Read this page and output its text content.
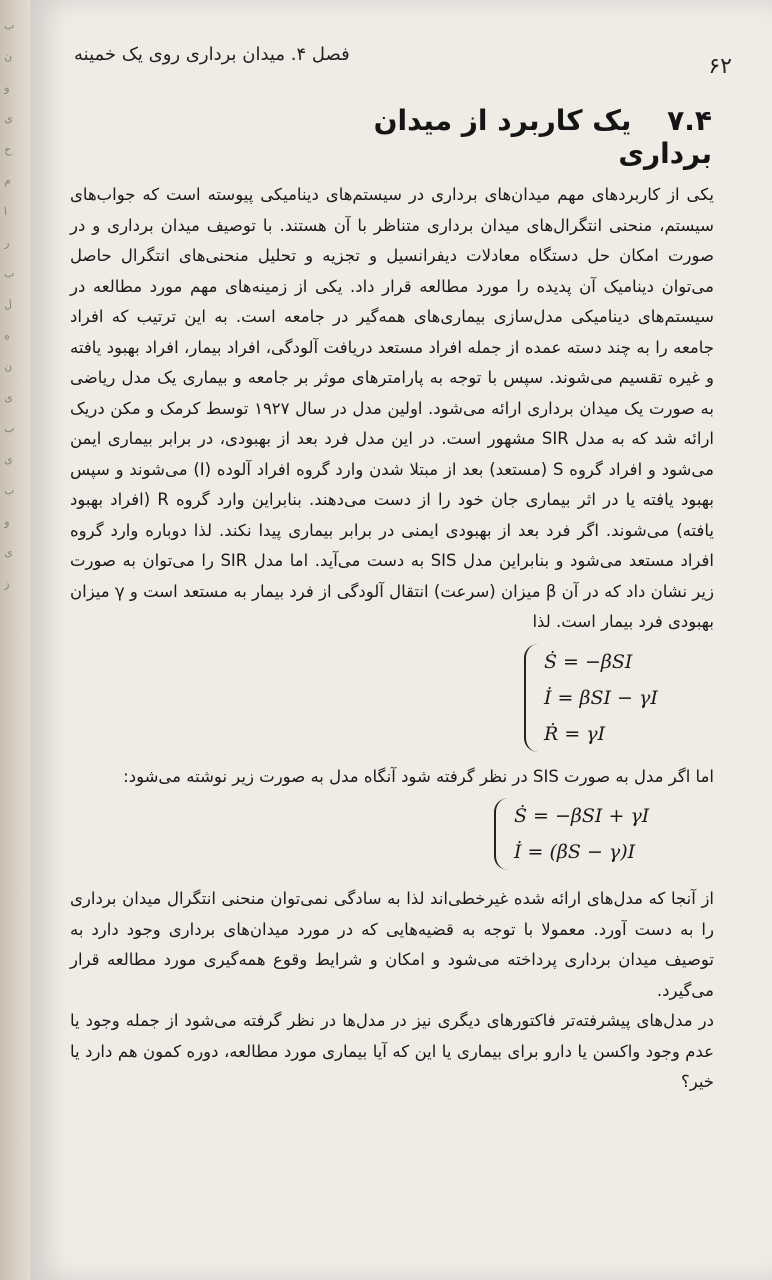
ب
ن
و
ی
ح
م
ا
ر
ب
ل
ه
ن
ی
ب
ی
ب
و
ی
ز
۶۲
فصل ۴. میدان برداری روی یک خمینه
۷.۴ یک کاربرد از میدان برداری

یکی از کاربردهای مهم میدان‌های برداری در سیستم‌های دینامیکی پیوسته است که جواب‌های سیستم، منحنی انتگرال‌های میدان برداری متناظر با آن هستند. با توصیف میدان برداری و در صورت امکان حل دستگاه معادلات دیفرانسیل و تجزیه و تحلیل منحنی‌های انتگرال حاصل می‌توان دینامیک آن پدیده را مورد مطالعه قرار داد. یکی از زمینه‌های مهم مورد مطالعه در سیستم‌های دینامیکی مدل‌سازی بیماری‌های همه‌گیر در جامعه است. به این ترتیب که افراد جامعه را به چند دسته عمده از جمله افراد مستعد دریافت آلودگی، افراد بیمار، افراد بهبود یافته و غیره تقسیم می‌شوند. سپس با توجه به پارامترهای موثر بر جامعه و بیماری یک مدل ریاضی به صورت یک میدان برداری ارائه می‌شود. اولین مدل در سال ۱۹۲۷ توسط کرمک و مکن دریک ارائه شد که به مدل SIR مشهور است. در این مدل فرد بعد از بهبودی، در برابر بیماری ایمن می‌شود و افراد گروه S (مستعد) بعد از مبتلا شدن وارد گروه افراد آلوده (I) می‌شوند و سپس بهبود یافته یا در اثر بیماری جان خود را از دست می‌دهند. بنابراین وارد گروه R (افراد بهبود یافته) می‌شوند. اگر فرد بعد از بهبودی ایمنی در برابر بیماری پیدا نکند. لذا دوباره وارد گروه افراد مستعد می‌شود و بنابراین مدل SIS به دست می‌آید. اما مدل SIR را می‌توان به صورت زیر نشان داد که در آن β میزان (سرعت) انتقال آلودگی از فرد بیمار به مستعد است و γ میزان بهبودی فرد بیمار است. لذا

Ṡ = −βSI
İ = βSI − γI
Ṙ = γI

اما اگر مدل به صورت SIS در نظر گرفته شود آنگاه مدل به صورت زیر نوشته می‌شود:

Ṡ = −βSI + γI
İ = (βS − γ)I

از آنجا که مدل‌های ارائه شده غیرخطی‌اند لذا به سادگی نمی‌توان منحنی انتگرال میدان برداری را به دست آورد. معمولا با توجه به قضیه‌هایی که در مورد میدان‌های برداری وجود دارد به توصیف میدان برداری پرداخته می‌شود و امکان و شرایط وقوع همه‌گیری مورد مطالعه قرار می‌گیرد.

در مدل‌های پیشرفته‌تر فاکتورهای دیگری نیز در مدل‌ها در نظر گرفته می‌شود از جمله وجود یا عدم وجود واکسن یا دارو برای بیماری یا این که آیا بیماری مورد مطالعه، دوره کمون هم دارد یا خیر؟
